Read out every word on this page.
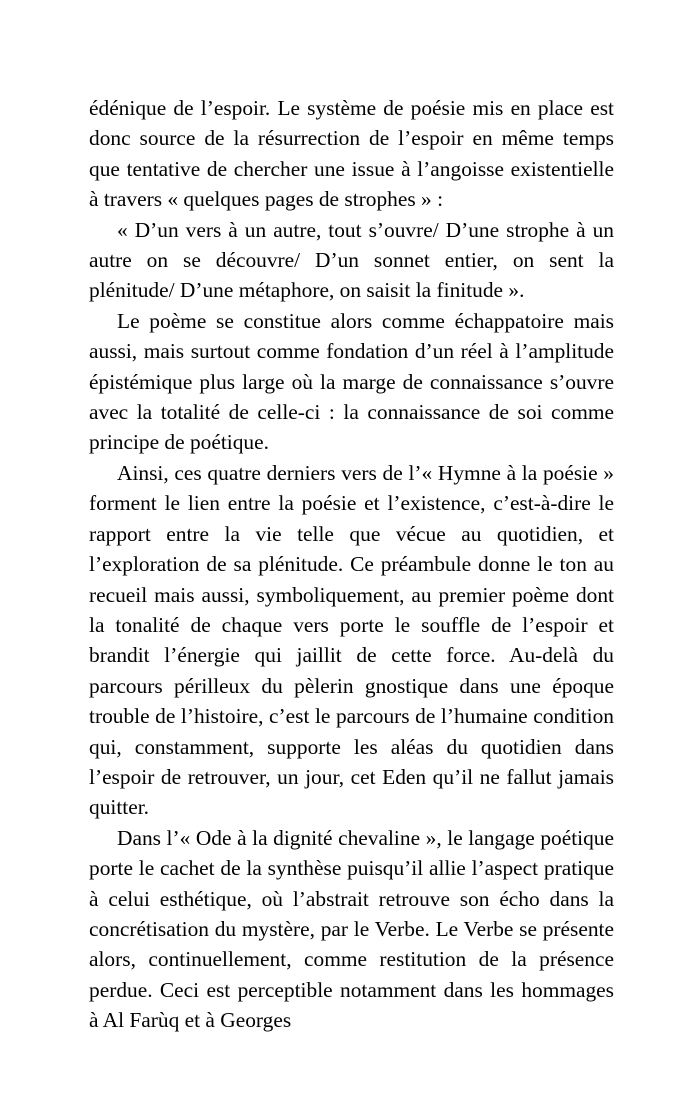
édénique de l’espoir. Le système de poésie mis en place est donc source de la résurrection de l’espoir en même temps que tentative de chercher une issue à l’angoisse existentielle à travers « quelques pages de strophes » :

« D’un vers à un autre, tout s’ouvre/ D’une strophe à un autre on se découvre/ D’un sonnet entier, on sent la plénitude/ D’une métaphore, on saisit la finitude ».

Le poème se constitue alors comme échappatoire mais aussi, mais surtout comme fondation d’un réel à l’amplitude épistémique plus large où la marge de connaissance s’ouvre avec la totalité de celle-ci : la connaissance de soi comme principe de poétique.

Ainsi, ces quatre derniers vers de l’« Hymne à la poésie » forment le lien entre la poésie et l’existence, c’est-à-dire le rapport entre la vie telle que vécue au quotidien, et l’exploration de sa plénitude. Ce préambule donne le ton au recueil mais aussi, symboliquement, au premier poème dont la tonalité de chaque vers porte le souffle de l’espoir et brandit l’énergie qui jaillit de cette force. Au-delà du parcours périlleux du pèlerin gnostique dans une époque trouble de l’histoire, c’est le parcours de l’humaine condition qui, constamment, supporte les aléas du quotidien dans l’espoir de retrouver, un jour, cet Eden qu’il ne fallut jamais quitter.

Dans l’« Ode à la dignité chevaline », le langage poétique porte le cachet de la synthèse puisqu’il allie l’aspect pratique à celui esthétique, où l’abstrait retrouve son écho dans la concrétisation du mystère, par le Verbe. Le Verbe se présente alors, continuellement, comme restitution de la présence perdue. Ceci est perceptible notamment dans les hommages à Al Farùq et à Georges
